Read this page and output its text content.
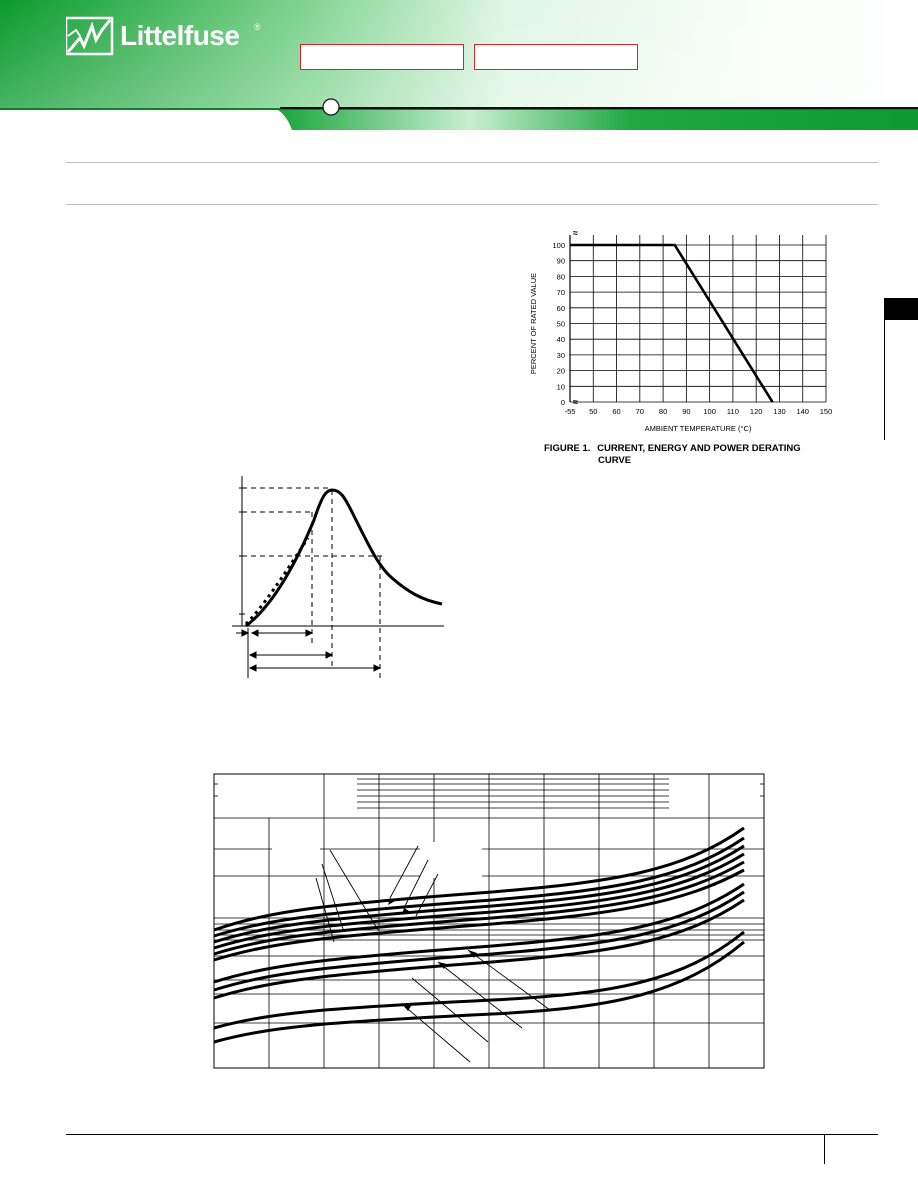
Littelfuse ®
≈
≈
0
10
20
30
40
50
60
70
80
90
100
-55 50 60 70 80 90 100 110 120 130 140 150
AMBIENT TEMPERATURE (°C)
PERCENT OF RATED VALUE
FIGURE 1. CURRENT, ENERGY AND POWER DERATING
CURVE
